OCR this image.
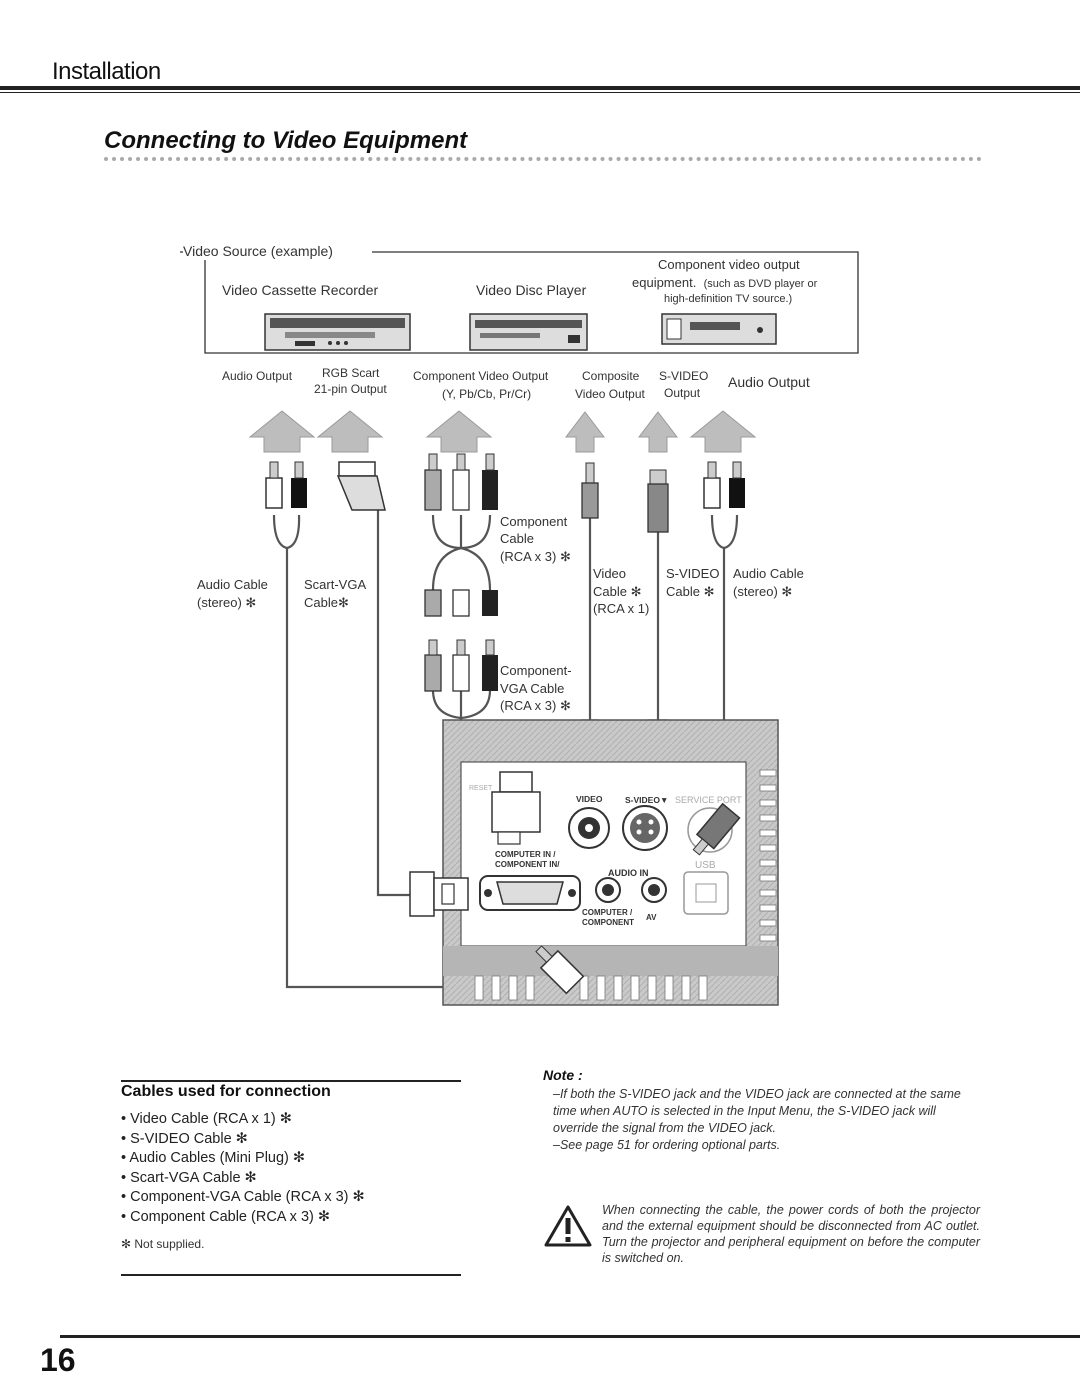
Installation
Connecting to Video Equipment
Video Source (example)
Video Cassette Recorder	Video Disc Player
Component video output
equipment. (such as DVD player or
high-definition TV source.)
Audio Output RGB Scart
21-pin Output
Component Video Output
(Y, Pb/Cb, Pr/Cr)
Composite
Video Output
S-VIDEO
Output
Audio Output
Audio Cable
(stereo) ✻
Scart-VGA
Cable✻
Component
Cable
(RCA x 3) ✻
Video
Cable ✻
(RCA x 1)
S-VIDEO
Cable ✻
Audio Cable
(stereo) ✻
Component-
VGA Cable
(RCA x 3) ✻
VIDEO	S-VIDEO▼ SERVICE PORT
RESET
COMPUTER IN /
COMPONENT IN/
AUDIO IN
USB
COMPUTER /
COMPONENT
AV
Cables used for connection
• Video Cable (RCA x 1) ✻
• S-VIDEO Cable ✻
• Audio Cables (Mini Plug) ✻
• Scart-VGA Cable ✻
• Component-VGA Cable (RCA x 3) ✻
• Component Cable (RCA x 3) ✻
✻ Not supplied.
Note :

–If both the S-VIDEO jack and the VIDEO jack are connected at the same time when AUTO is selected in the Input Menu, the S-VIDEO jack will override the signal from the VIDEO jack.

–See page 51 for ordering optional parts.

When connecting the cable, the power cords of both the projector and the external equipment should be disconnected from AC outlet. Turn the projector and peripheral equipment on before the computer is switched on.
16
